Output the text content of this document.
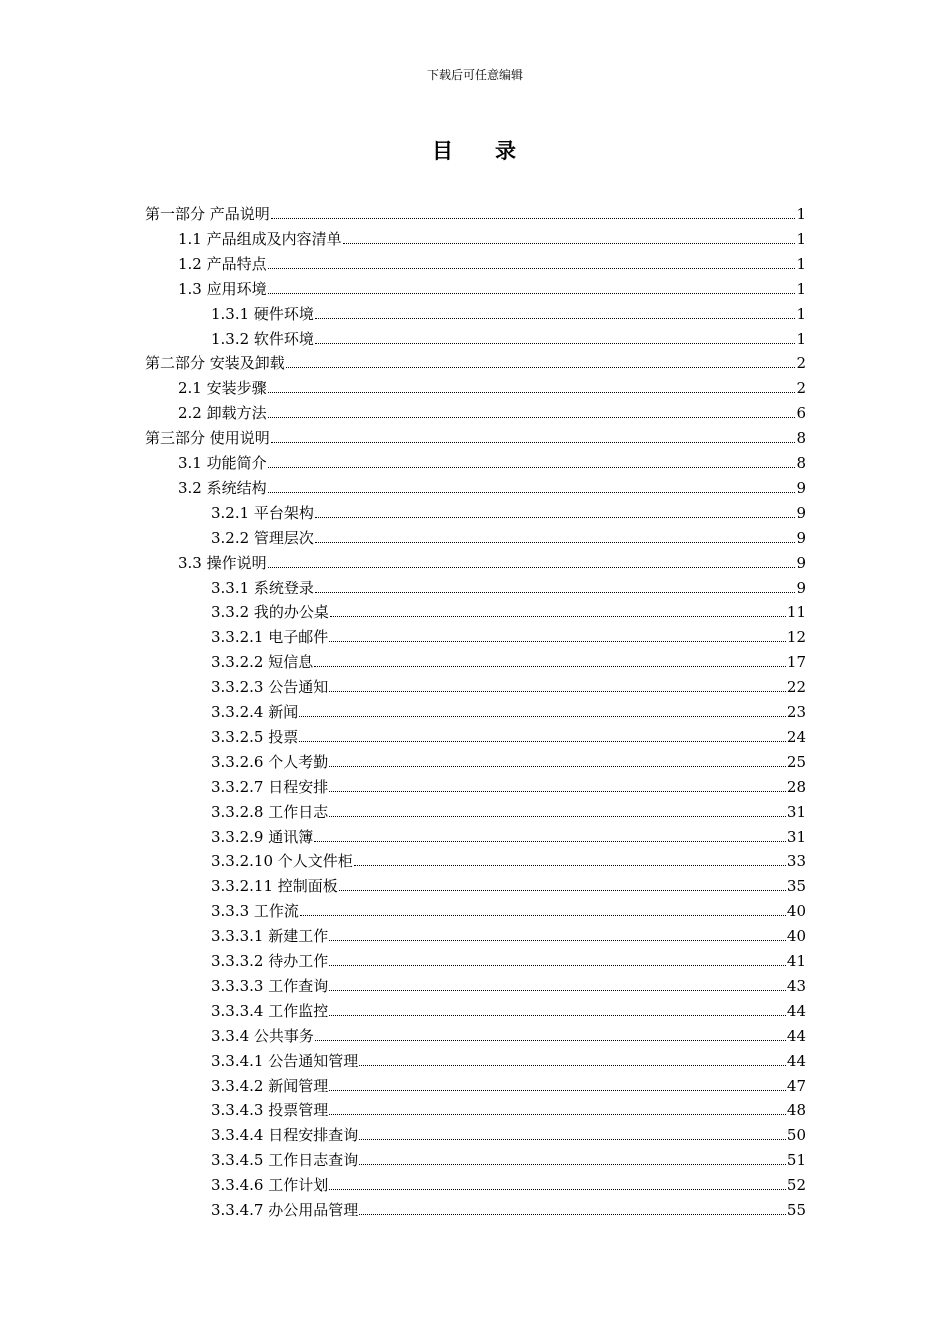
下载后可任意编辑
目 录
第一部分 产品说明	1
1.1 产品组成及内容清单	1
1.2 产品特点	1
1.3 应用环境	1
1.3.1 硬件环境	1
1.3.2 软件环境	1
第二部分 安装及卸载	2
2.1 安装步骤	2
2.2 卸载方法	6
第三部分 使用说明	8
3.1 功能简介	8
3.2 系统结构	9
3.2.1 平台架构	9
3.2.2 管理层次	9
3.3 操作说明	9
3.3.1 系统登录	9
3.3.2 我的办公桌	11
3.3.2.1 电子邮件	12
3.3.2.2 短信息	17
3.3.2.3 公告通知	22
3.3.2.4 新闻	23
3.3.2.5 投票	24
3.3.2.6 个人考勤	25
3.3.2.7 日程安排	28
3.3.2.8 工作日志	31
3.3.2.9 通讯簿	31
3.3.2.10 个人文件柜	33
3.3.2.11 控制面板	35
3.3.3 工作流	40
3.3.3.1 新建工作	40
3.3.3.2 待办工作	41
3.3.3.3 工作查询	43
3.3.3.4 工作监控	44
3.3.4 公共事务	44
3.3.4.1 公告通知管理	44
3.3.4.2 新闻管理	47
3.3.4.3 投票管理	48
3.3.4.4 日程安排查询	50
3.3.4.5 工作日志查询	51
3.3.4.6 工作计划	52
3.3.4.7 办公用品管理	55
